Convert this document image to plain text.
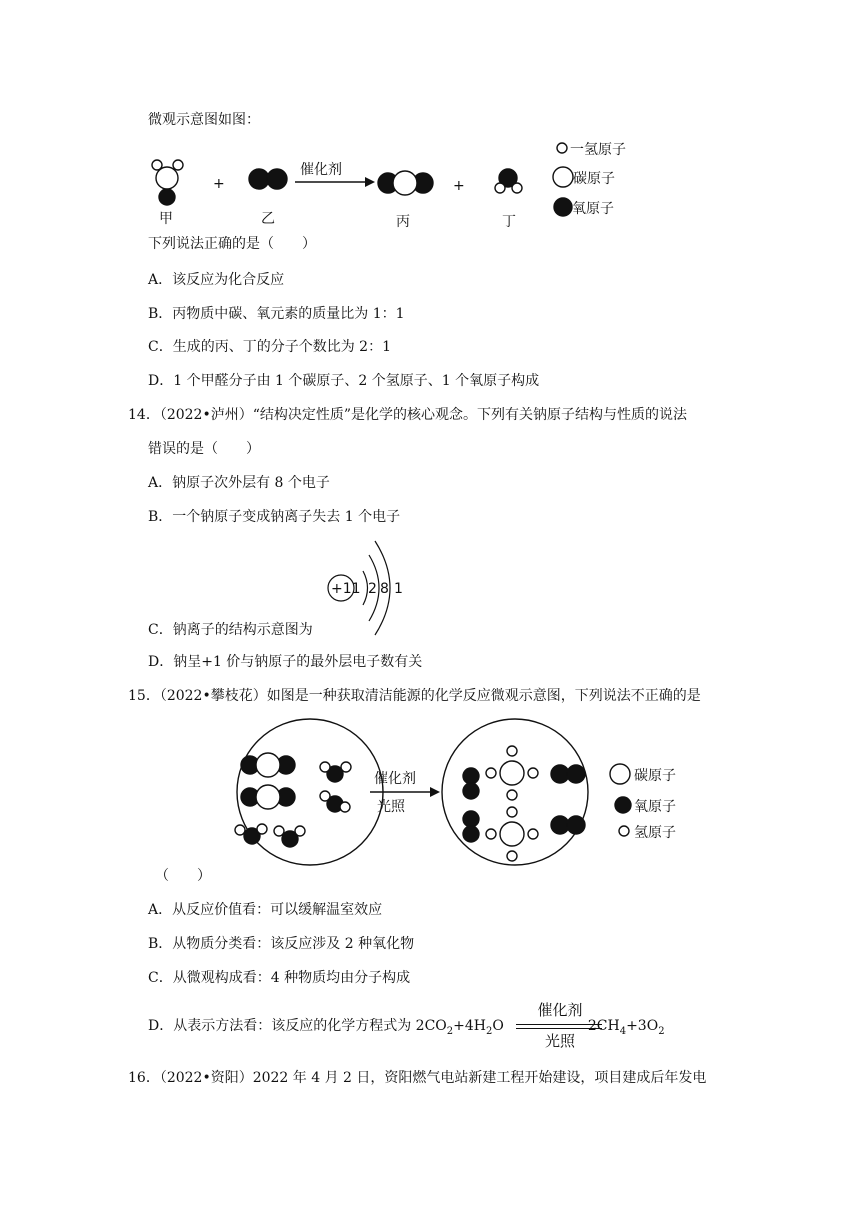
微观示意图如图：
+	+
催化剂
甲	乙	丙	丁
一氢原子
碳原子
氧原子
下列说法正确的是（　　）
A．该反应为化合反应
B．丙物质中碳、氧元素的质量比为 1：1
C．生成的丙、丁的分子个数比为 2：1
D．1 个甲醛分子由 1 个碳原子、2 个氢原子、1 个氧原子构成
14．（2022•泸州）“结构决定性质”是化学的核心观念。下列有关钠原子结构与性质的说法
错误的是（　　）
A．钠原子次外层有 8 个电子
B．一个钠原子变成钠离子失去 1 个电子
+11 2 8 1
C．钠离子的结构示意图为
D．钠呈+1 价与钠原子的最外层电子数有关
15．（2022•攀枝花）如图是一种获取清洁能源的化学反应微观示意图，下列说法不正确的是
催化剂
光照
碳原子
氧原子
氢原子
（　　）
A．从反应价值看：可以缓解温室效应
B．从物质分类看：该反应涉及 2 种氧化物
C．从微观构成看：4 种物质均由分子构成
D．从表示方法看：该反应的化学方程式为 $2CO_2+4H_2O$	$2CH_4+3O_2$
催化剂
光照
16．（2022•资阳）2022 年 4 月 2 日，资阳燃气电站新建工程开始建设，项目建成后年发电
